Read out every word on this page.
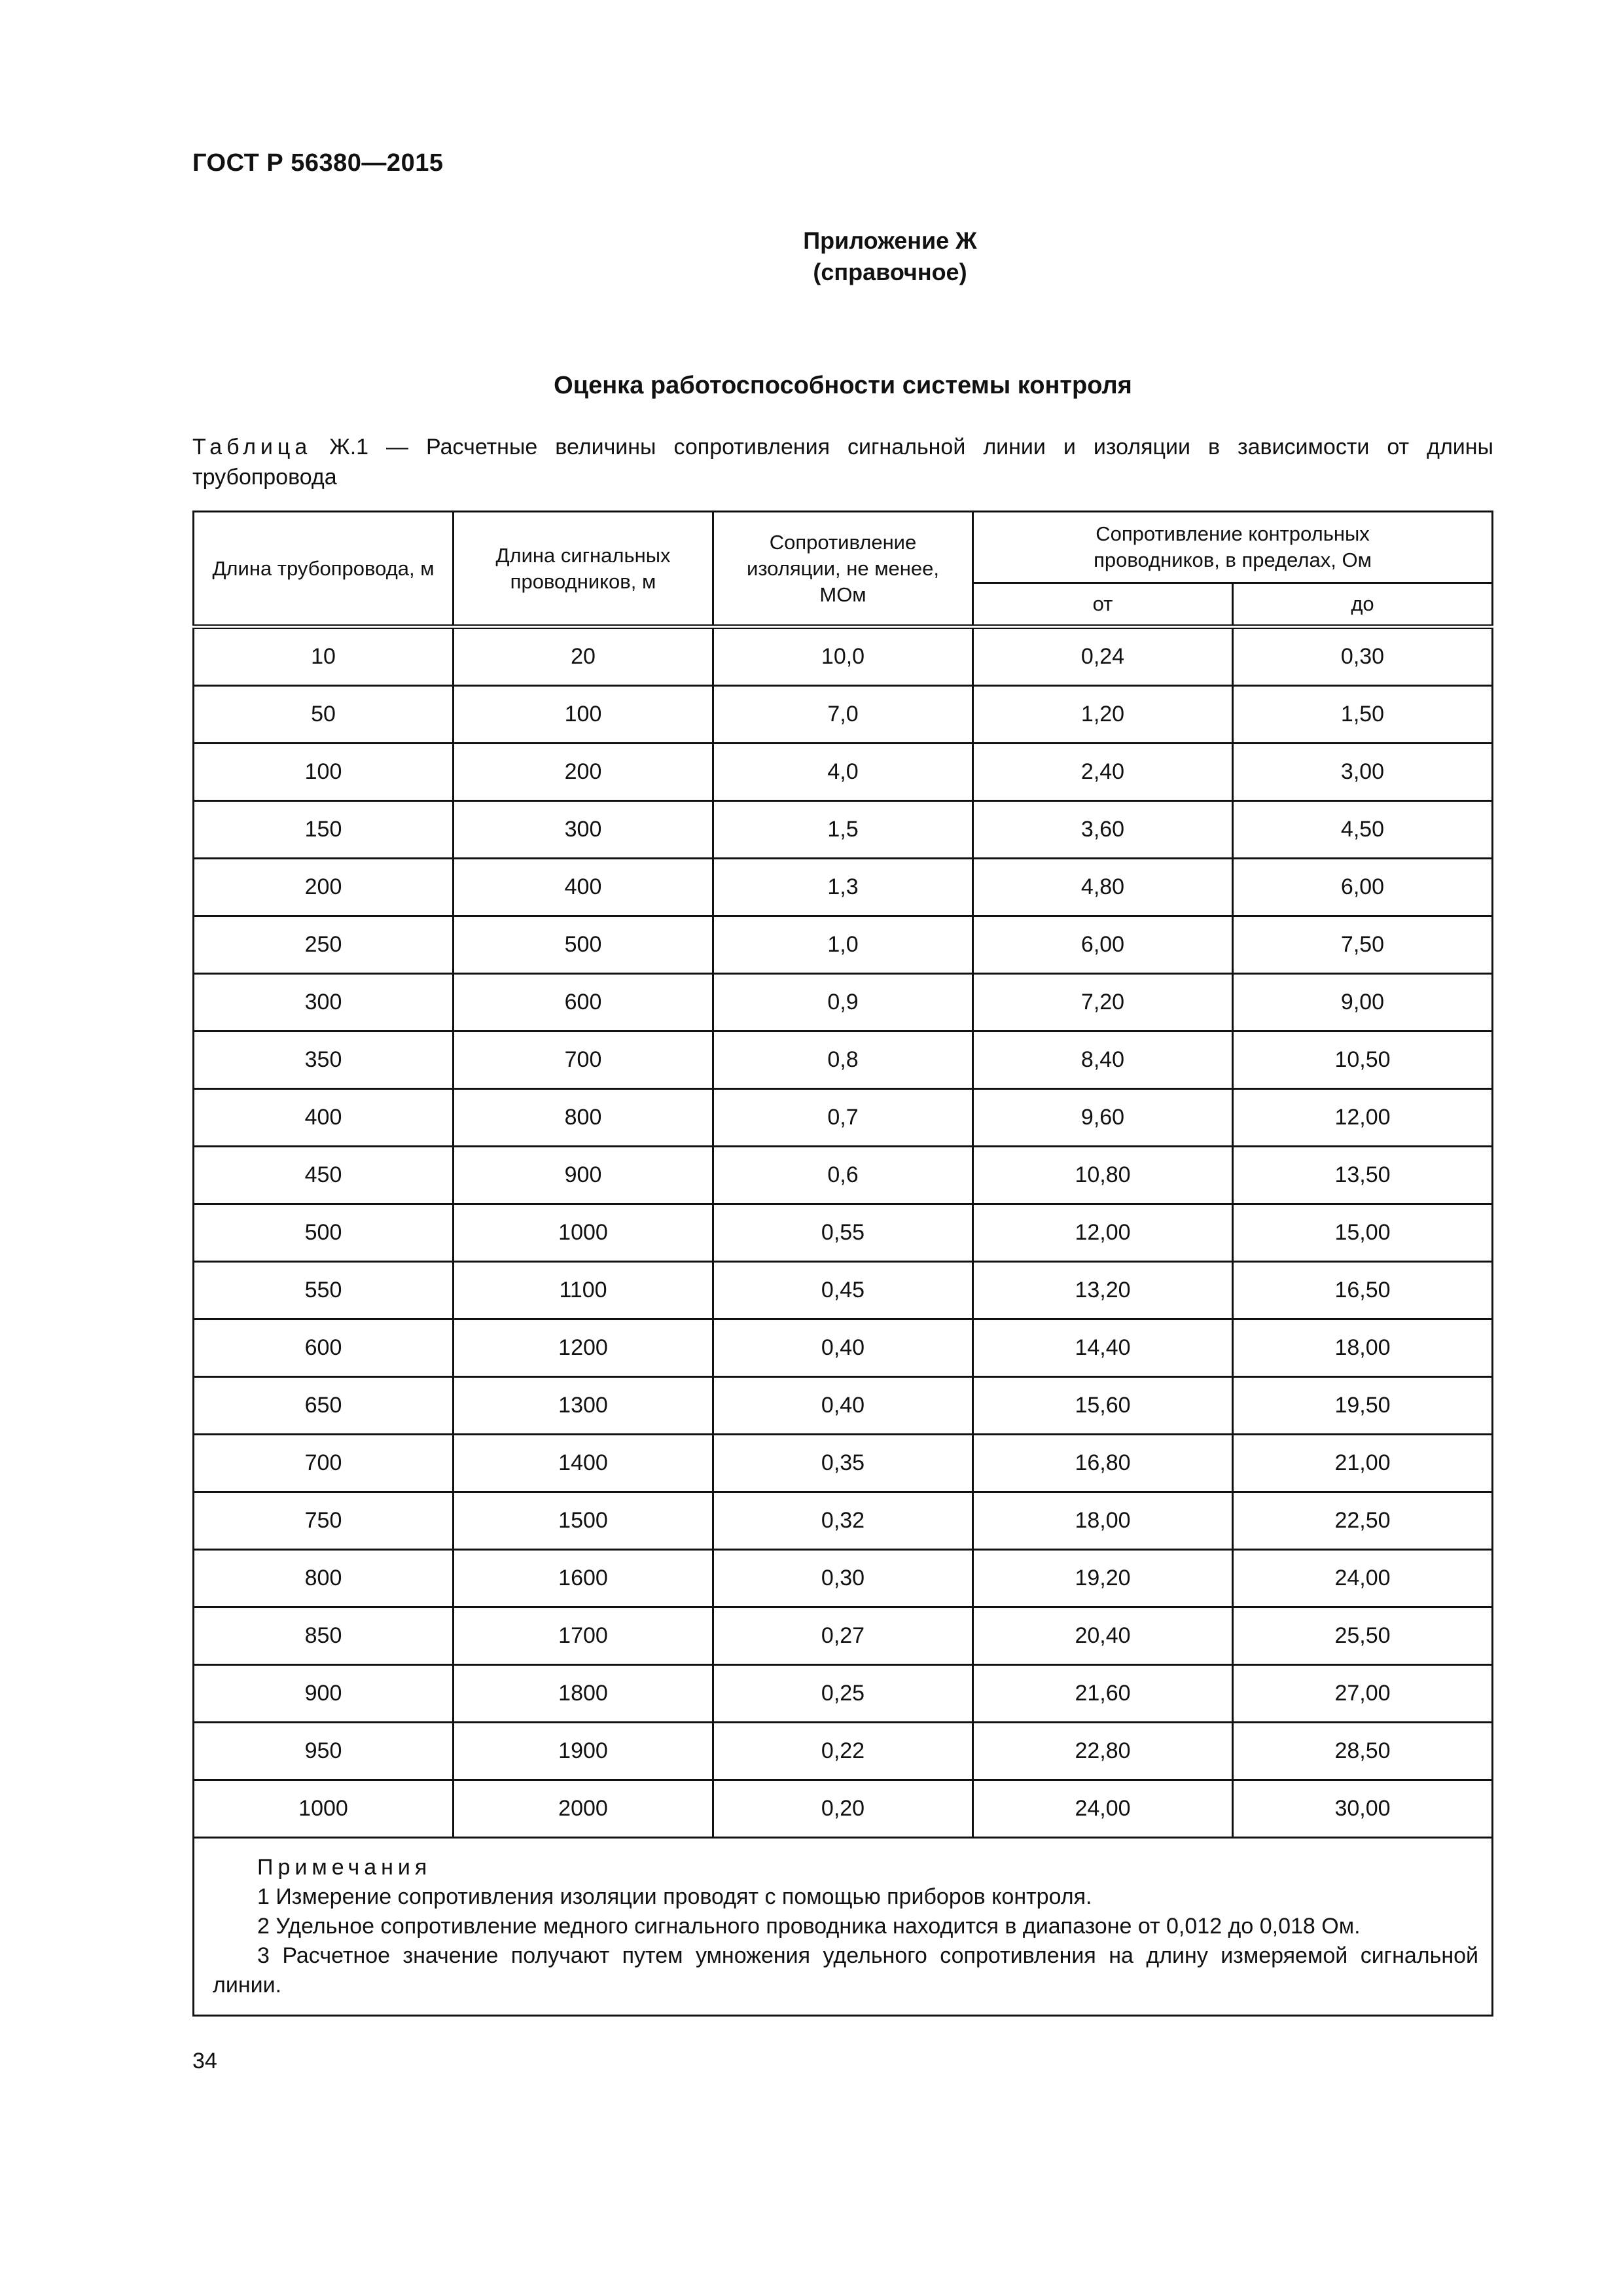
ГОСТ Р 56380—2015
Приложение Ж
(справочное)
Оценка работоспособности системы контроля
Таблица Ж.1 — Расчетные величины сопротивления сигнальной линии и изоляции в зависимости от длины трубопровода
Длина трубопровода, м	Длина сигнальных проводников, м	Сопротивление изоляции, не менее, МОм	Сопротивление контрольных проводников, в пределах, Ом	
			от	до
10	20	10,0	0,24	0,30
50	100	7,0	1,20	1,50
100	200	4,0	2,40	3,00
150	300	1,5	3,60	4,50
200	400	1,3	4,80	6,00
250	500	1,0	6,00	7,50
300	600	0,9	7,20	9,00
350	700	0,8	8,40	10,50
400	800	0,7	9,60	12,00
450	900	0,6	10,80	13,50
500	1000	0,55	12,00	15,00
550	1100	0,45	13,20	16,50
600	1200	0,40	14,40	18,00
650	1300	0,40	15,60	19,50
700	1400	0,35	16,80	21,00
750	1500	0,32	18,00	22,50
800	1600	0,30	19,20	24,00
850	1700	0,27	20,40	25,50
900	1800	0,25	21,60	27,00
950	1900	0,22	22,80	28,50
1000	2000	0,20	24,00	30,00
Примечания
1 Измерение сопротивления изоляции проводят с помощью приборов контроля.
2 Удельное сопротивление медного сигнального проводника находится в диапазоне от 0,012 до 0,018 Ом.
3 Расчетное значение получают путем умножения удельного сопротивления на длину измеряемой сигнальной линии.
34
